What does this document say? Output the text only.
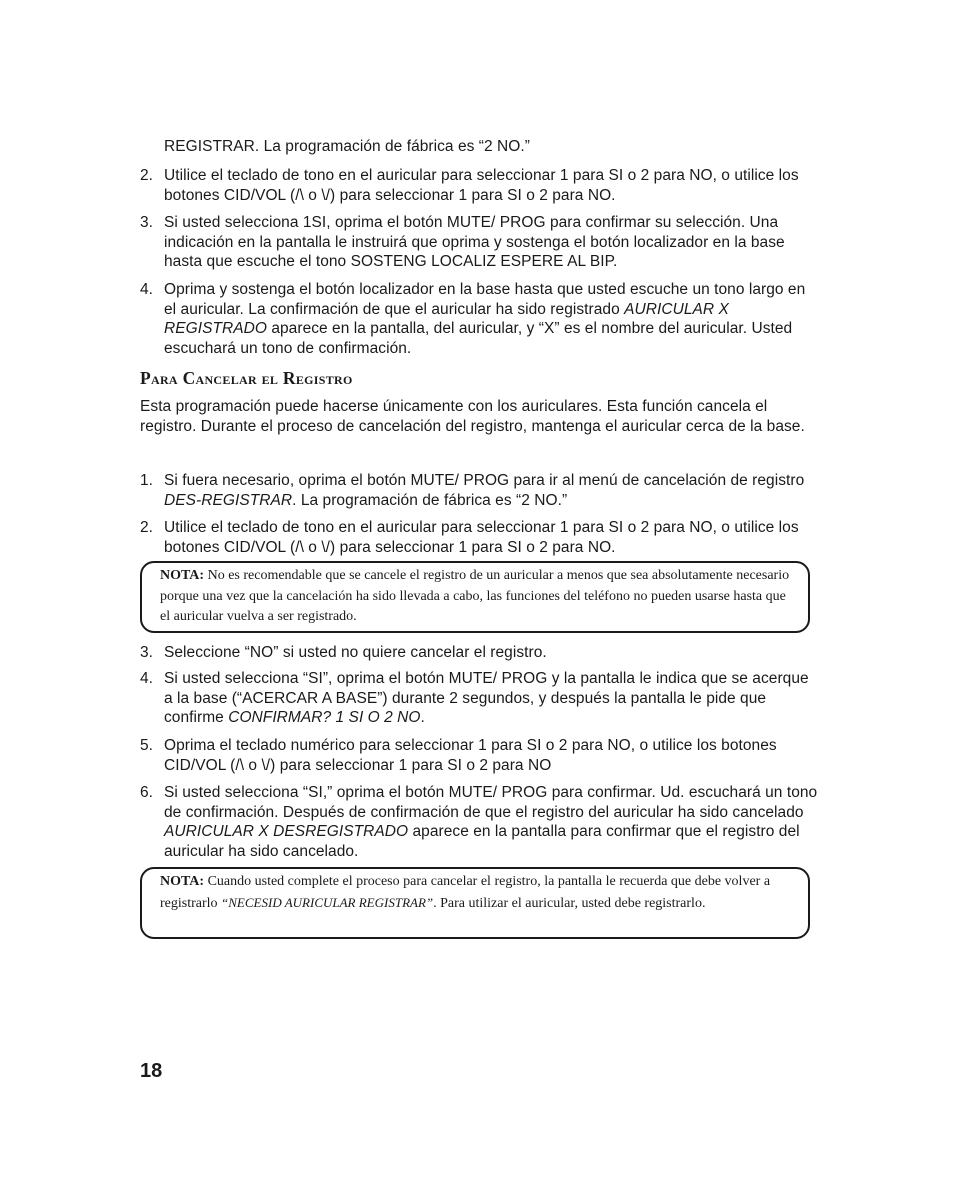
REGISTRAR. La programación de fábrica es “2 NO.”
2. Utilice el teclado de tono en el auricular para seleccionar 1 para SI o 2 para NO, o utilice los botones CID/VOL (/\ o \/) para seleccionar 1 para SI o 2 para NO.
3. Si usted selecciona 1SI, oprima el botón MUTE/ PROG para confirmar su selección. Una indicación en la pantalla le instruirá que oprima y sostenga el botón localizador en la base hasta que escuche el tono SOSTENG LOCALIZ ESPERE AL BIP.
4. Oprima y sostenga el botón localizador en la base hasta que usted escuche un tono largo en el auricular. La confirmación de que el auricular ha sido registrado AURICULAR X REGISTRADO aparece en la pantalla, del auricular, y “X” es el nombre del auricular. Usted escuchará un tono de confirmación.
Para Cancelar el Registro
Esta programación puede hacerse únicamente con los auriculares. Esta función cancela el registro. Durante el proceso de cancelación del registro, mantenga el auricular cerca de la base.
1. Si fuera necesario, oprima el botón MUTE/ PROG para ir al menú de cancelación de registro DES-REGISTRAR. La programación de fábrica es “2 NO.”
2. Utilice el teclado de tono en el auricular para seleccionar 1 para SI o 2 para NO, o utilice los botones CID/VOL (/\ o \/) para seleccionar 1 para SI o 2 para NO.
NOTA: No es recomendable que se cancele el registro de un auricular a menos que sea absolutamente necesario porque una vez que la cancelación ha sido llevada a cabo, las funciones del teléfono no pueden usarse hasta que el auricular vuelva a ser registrado.
3. Seleccione “NO” si usted no quiere cancelar el registro.
4. Si usted selecciona “SI”, oprima el botón MUTE/ PROG y la pantalla le indica que se acerque a la base (“ACERCAR A BASE”) durante 2 segundos, y después la pantalla le pide que confirme CONFIRMAR? 1 SI O 2 NO.
5. Oprima el teclado numérico para seleccionar 1 para SI o 2 para NO, o utilice los botones CID/VOL (/\ o \/) para seleccionar 1 para SI o 2 para NO
6. Si usted selecciona “SI,” oprima el botón MUTE/ PROG para confirmar. Ud. escuchará un tono de confirmación. Después de confirmación de que el registro del auricular ha sido cancelado AURICULAR X DESREGISTRADO aparece en la pantalla para confirmar que el registro del auricular ha sido cancelado.
NOTA: Cuando usted complete el proceso para cancelar el registro, la pantalla le recuerda que debe volver a registrarlo “NECESID AURICULAR REGISTRAR”. Para utilizar el auricular, usted debe registrarlo.
18
